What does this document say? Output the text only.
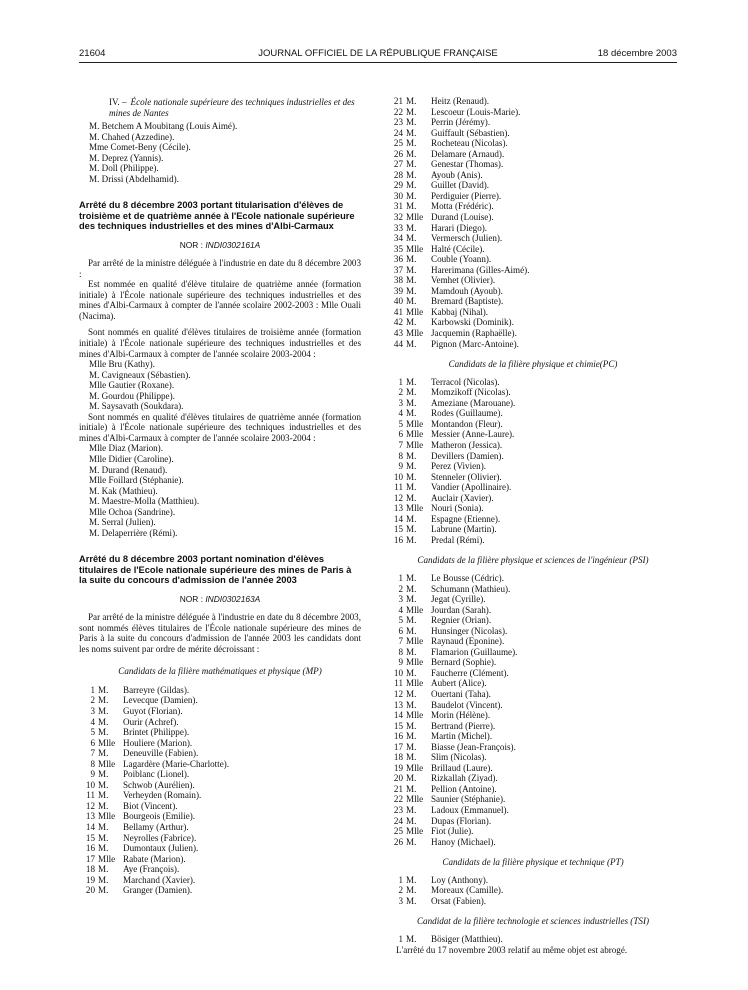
21604	JOURNAL OFFICIEL DE LA RÉPUBLIQUE FRANÇAISE	18 décembre 2003
IV. – École nationale supérieure des techniques industrielles et des mines de Nantes
M. Betchem A Moubitang (Louis Aimé).
M. Chahed (Azzedine).
Mme Comet-Beny (Cécile).
M. Deprez (Yannis).
M. Doll (Philippe).
M. Drissi (Abdelhamid).
Arrêté du 8 décembre 2003 portant titularisation d'élèves de troisième et de quatrième année à l'Ecole nationale supérieure des techniques industrielles et des mines d'Albi-Carmaux
NOR : INDI0302161A
Par arrêté de la ministre déléguée à l'industrie en date du 8 décembre 2003 :
Est nommée en qualité d'élève titulaire de quatrième année (formation initiale) à l'École nationale supérieure des techniques industrielles et des mines d'Albi-Carmaux à compter de l'année scolaire 2002-2003 : Mlle Ouali (Nacima).
Sont nommés en qualité d'élèves titulaires de troisième année (formation initiale) à l'École nationale supérieure des techniques industrielles et des mines d'Albi-Carmaux à compter de l'année scolaire 2003-2004 :
Mlle Bru (Kathy).
M. Cavigneaux (Sébastien).
Mlle Gautier (Roxane).
M. Gourdou (Philippe).
M. Saysavath (Soukdara).
Sont nommés en qualité d'élèves titulaires de quatrième année (formation initiale) à l'École nationale supérieure des techniques industrielles et des mines d'Albi-Carmaux à compter de l'année scolaire 2003-2004 :
Mlle Diaz (Marion).
Mlle Didier (Caroline).
M. Durand (Renaud).
Mlle Foillard (Stéphanie).
M. Kak (Mathieu).
M. Maestre-Molla (Matthieu).
Mlle Ochoa (Sandrine).
M. Serral (Julien).
M. Delaperrière (Rémi).
Arrêté du 8 décembre 2003 portant nomination d'élèves titulaires de l'Ecole nationale supérieure des mines de Paris à la suite du concours d'admission de l'année 2003
NOR : INDI0302163A
Par arrêté de la ministre déléguée à l'industrie en date du 8 décembre 2003, sont nommés élèves titulaires de l'École nationale supérieure des mines de Paris à la suite du concours d'admission de l'année 2003 les candidats dont les noms suivent par ordre de mérite décroissant :
Candidats de la filière mathématiques et physique (MP)
1 M.	Barreyre (Gildas).
2 M.	Levecque (Damien).
3 M.	Guyot (Florian).
4 M.	Ourir (Achref).
5 M.	Brintet (Philippe).
6 Mlle Houliere (Marion).
7 M.	Deneuville (Fabien).
8 Mlle Lagardère (Marie-Charlotte).
9 M.	Poiblanc (Lionel).
10 M.	Schwob (Aurélien).
11 M.	Verheyden (Romain).
12 M.	Biot (Vincent).
13 Mlle Bourgeois (Emilie).
14 M.	Bellamy (Arthur).
15 M.	Neyrolles (Fabrice).
16 M.	Dumontaux (Julien).
17 Mlle Rabate (Marion).
18 M.	Aye (François).
19 M.	Marchand (Xavier).
20 M.	Granger (Damien).
21 M.	Heitz (Renaud).
22 M.	Lescoeur (Louis-Marie).
23 M.	Perrin (Jérémy).
24 M.	Guiffault (Sébastien).
25 M.	Rocheteau (Nicolas).
26 M.	Delamare (Arnaud).
27 M.	Genestar (Thomas).
28 M.	Ayoub (Anis).
29 M.	Guillet (David).
30 M.	Perdiguier (Pierre).
31 M.	Motta (Frédéric).
32 Mlle Durand (Louise).
33 M.	Harari (Diego).
34 M.	Vermersch (Julien).
35 Mlle Halté (Cécile).
36 M.	Couble (Yoann).
37 M.	Harerimana (Gilles-Aimé).
38 M.	Vemhet (Olivier).
39 M.	Mamdouh (Ayoub).
40 M.	Bremard (Baptiste).
41 Mlle Kabbaj (Nihal).
42 M.	Karbowski (Dominik).
43 Mlle Jacquemin (Raphaëlle).
44 M.	Pignon (Marc-Antoine).
Candidats de la filière physique et chimie(PC)
1 M.	Terracol (Nicolas).
2 M.	Momzikoff (Nicolas).
3 M.	Ameziane (Marouane).
4 M.	Rodes (Guillaume).
5 Mlle Montandon (Fleur).
6 Mlle Messier (Anne-Laure).
7 Mlle Matheron (Jessica).
8 M.	Devillers (Damien).
9 M.	Perez (Vivien).
10 M.	Stenneler (Olivier).
11 M.	Vandier (Apollinaire).
12 M.	Auclair (Xavier).
13 Mlle Nouri (Sonia).
14 M.	Espagne (Etienne).
15 M.	Labrune (Martin).
16 M.	Predal (Rémi).
Candidats de la filière physique et sciences de l'ingénieur (PSI)
1 M.	Le Bousse (Cédric).
2 M.	Schumann (Mathieu).
3 M.	Jegat (Cyrille).
4 Mlle Jourdan (Sarah).
5 M.	Regnier (Orian).
6 M.	Hunsinger (Nicolas).
7 Mlle Raynaud (Eponine).
8 M.	Flamarion (Guillaume).
9 Mlle Bernard (Sophie).
10 M.	Faucherre (Clément).
11 Mlle Aubert (Alice).
12 M.	Ouertani (Taha).
13 M.	Baudelot (Vincent).
14 Mlle Morin (Hélène).
15 M.	Bertrand (Pierre).
16 M.	Martin (Michel).
17 M.	Biasse (Jean-François).
18 M.	Slim (Nicolas).
19 Mlle Brillaud (Laure).
20 M.	Rizkallah (Ziyad).
21 M.	Pellion (Antoine).
22 Mlle Saunier (Stéphanie).
23 M.	Ladoux (Emmanuel).
24 M.	Dupas (Florian).
25 Mlle Fiot (Julie).
26 M.	Hanoy (Michael).
Candidats de la filière physique et technique (PT)
1 M.	Loy (Anthony).
2 M.	Moreaux (Camille).
3 M.	Orsat (Fabien).
Candidat de la filière technologie et sciences industrielles (TSI)
1 M.	Bösiger (Matthieu).
L'arrêté du 17 novembre 2003 relatif au même objet est abrogé.
